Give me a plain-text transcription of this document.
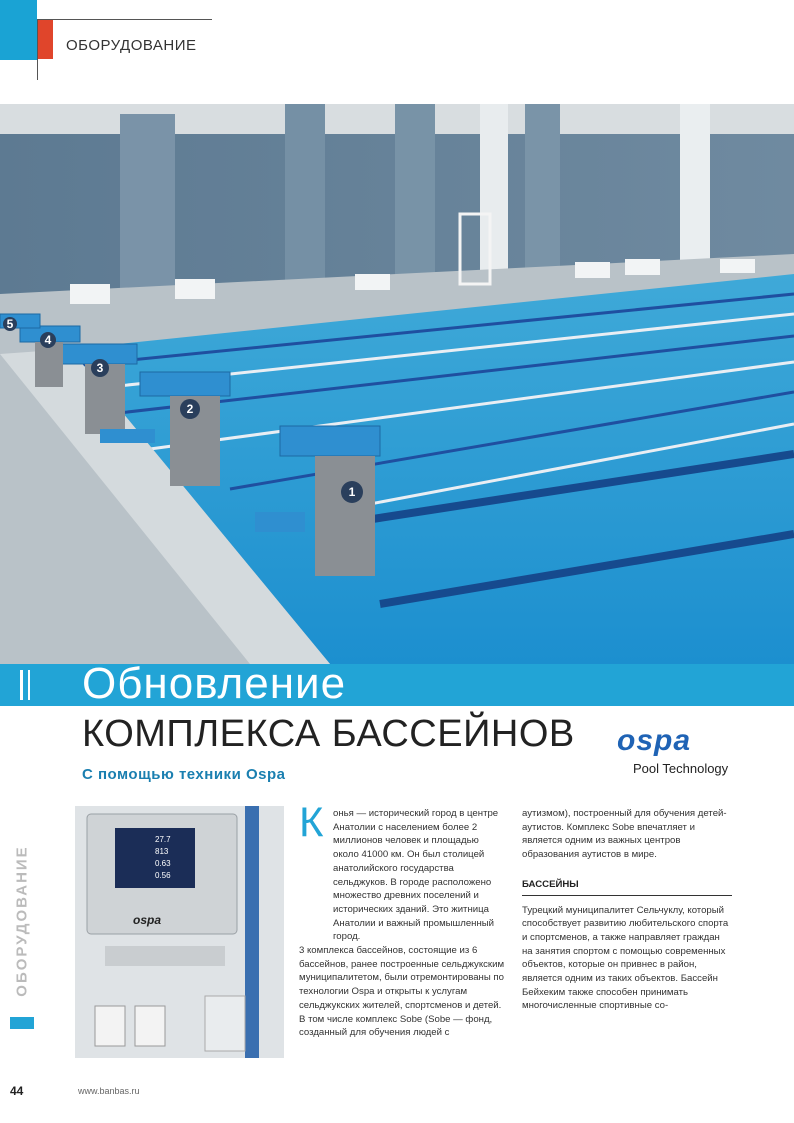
ОБОРУДОВАНИЕ
1
2
3
4
5
Обновление
КОМПЛЕКСА БАССЕЙНОВ
С помощью техники Ospa
ospa
Pool Technology
ОБОРУДОВАНИЕ
27.7
813
0.63
0.56
ospa
К онья — исторический город в центре Анатолии с населением более 2 миллионов человек и площадью около 41000 км. Он был столицей анатолийского государства сельджуков. В городе расположено множество древних поселений и исторических зданий. Это житница Анатолии и важный промышленный город.

3 комплекса бассейнов, состоящие из 6 бассейнов, ранее построенные сельджукским муниципалитетом, были отремонтированы по технологии Ospa и открыты к услугам сельджукских жителей, спортсменов и детей. В том числе комплекс Sobe (Sobe — фонд, созданный для обучения людей с

аутизмом), построенный для обучения детей-аутистов. Комплекс Sobe впечатляет и является одним из важных центров образования аутистов в мире.

БАССЕЙНЫ

Турецкий муниципалитет Сельчуклу, который способствует развитию любительского спорта и спортсменов, а также направляет граждан на занятия спортом с помощью современных объектов, которые он привнес в район, является одним из таких объектов. Бассейн Бейхеким также способен принимать многочисленные спортивные со-

44	www.banbas.ru
